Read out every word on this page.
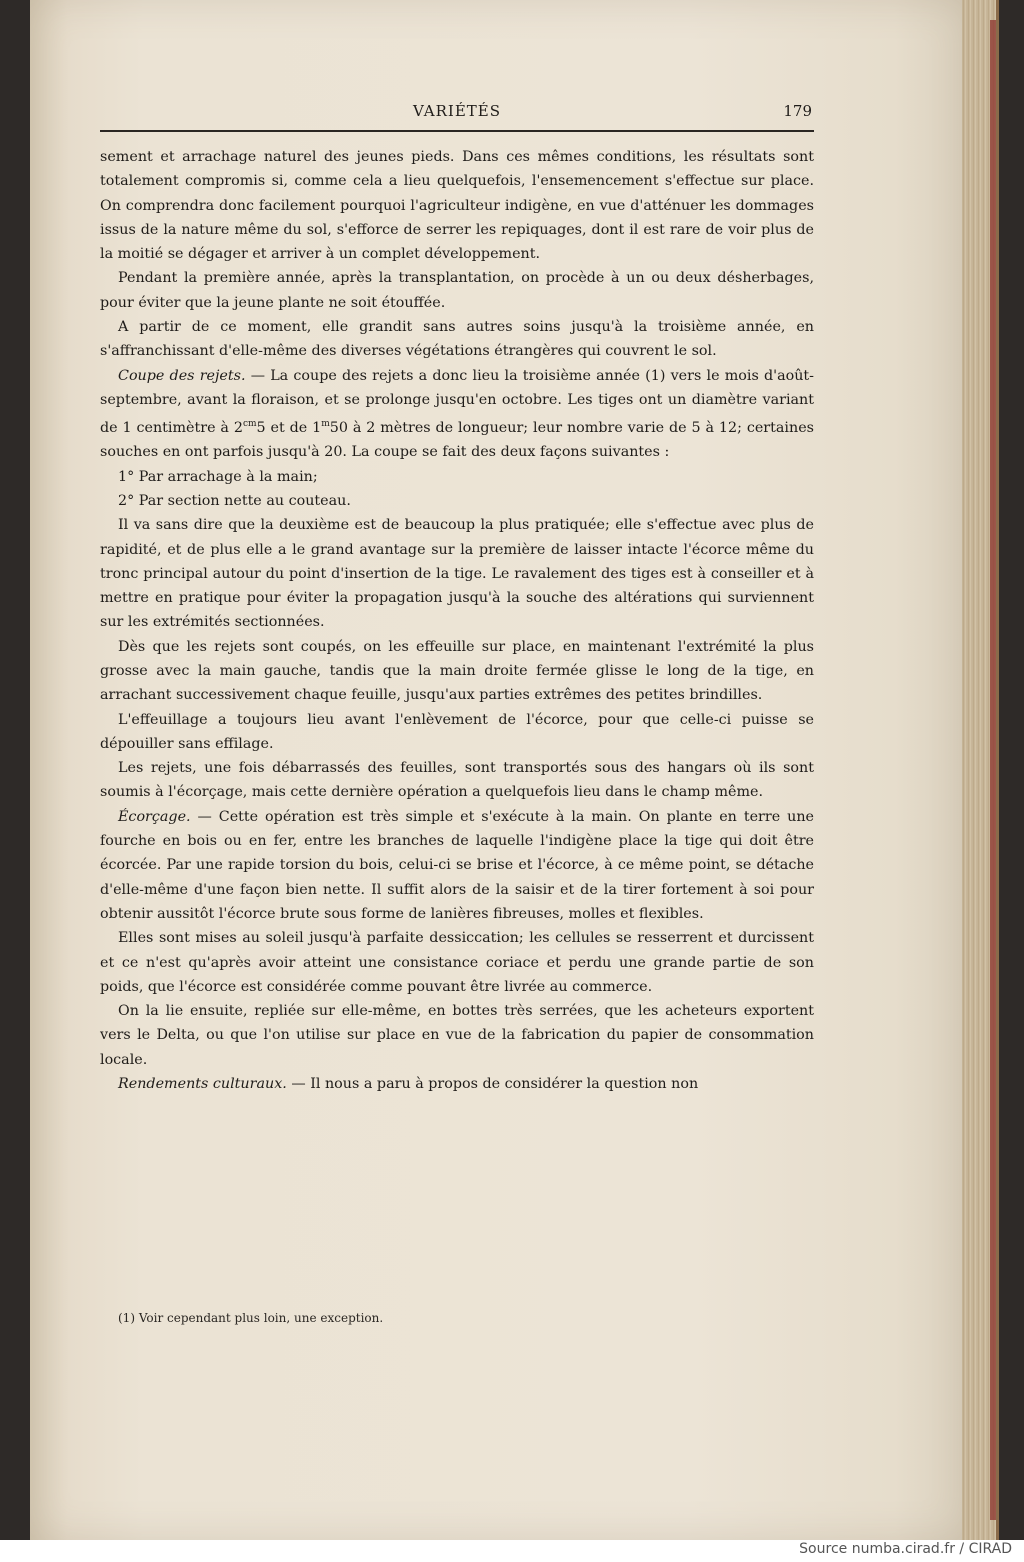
VARIÉTÉS	179

sement et arrachage naturel des jeunes pieds. Dans ces mêmes conditions, les résultats sont totalement compromis si, comme cela a lieu quelquefois, l'ensemencement s'effectue sur place. On comprendra donc facilement pourquoi l'agriculteur indigène, en vue d'atténuer les dommages issus de la nature même du sol, s'efforce de serrer les repiquages, dont il est rare de voir plus de la moitié se dégager et arriver à un complet développement.

Pendant la première année, après la transplantation, on procède à un ou deux désherbages, pour éviter que la jeune plante ne soit étouffée.

A partir de ce moment, elle grandit sans autres soins jusqu'à la troisième année, en s'affranchissant d'elle-même des diverses végétations étrangères qui couvrent le sol.

Coupe des rejets. — La coupe des rejets a donc lieu la troisième année (1) vers le mois d'août-septembre, avant la floraison, et se prolonge jusqu'en octobre. Les tiges ont un diamètre variant de 1 centimètre à $2^{cm}5$ et de 1$^m$50 à 2 mètres de longueur; leur nombre varie de 5 à 12; certaines souches en ont parfois jusqu'à 20. La coupe se fait des deux façons suivantes :

1° Par arrachage à la main;

2° Par section nette au couteau.

Il va sans dire que la deuxième est de beaucoup la plus pratiquée; elle s'effectue avec plus de rapidité, et de plus elle a le grand avantage sur la première de laisser intacte l'écorce même du tronc principal autour du point d'insertion de la tige. Le ravalement des tiges est à conseiller et à mettre en pratique pour éviter la propagation jusqu'à la souche des altérations qui surviennent sur les extrémités sectionnées.

Dès que les rejets sont coupés, on les effeuille sur place, en maintenant l'extrémité la plus grosse avec la main gauche, tandis que la main droite fermée glisse le long de la tige, en arrachant successivement chaque feuille, jusqu'aux parties extrêmes des petites brindilles.

L'effeuillage a toujours lieu avant l'enlèvement de l'écorce, pour que celle-ci puisse se dépouiller sans effilage.

Les rejets, une fois débarrassés des feuilles, sont transportés sous des hangars où ils sont soumis à l'écorçage, mais cette dernière opération a quelquefois lieu dans le champ même.

Écorçage. — Cette opération est très simple et s'exécute à la main. On plante en terre une fourche en bois ou en fer, entre les branches de laquelle l'indigène place la tige qui doit être écorcée. Par une rapide torsion du bois, celui-ci se brise et l'écorce, à ce même point, se détache d'elle-même d'une façon bien nette. Il suffit alors de la saisir et de la tirer fortement à soi pour obtenir aussitôt l'écorce brute sous forme de lanières fibreuses, molles et flexibles.

Elles sont mises au soleil jusqu'à parfaite dessiccation; les cellules se resserrent et durcissent et ce n'est qu'après avoir atteint une consistance coriace et perdu une grande partie de son poids, que l'écorce est considérée comme pouvant être livrée au commerce.

On la lie ensuite, repliée sur elle-même, en bottes très serrées, que les acheteurs exportent vers le Delta, ou que l'on utilise sur place en vue de la fabrication du papier de consommation locale.

Rendements culturaux. — Il nous a paru à propos de considérer la question non

(1) Voir cependant plus loin, une exception.
Source numba.cirad.fr / CIRAD
